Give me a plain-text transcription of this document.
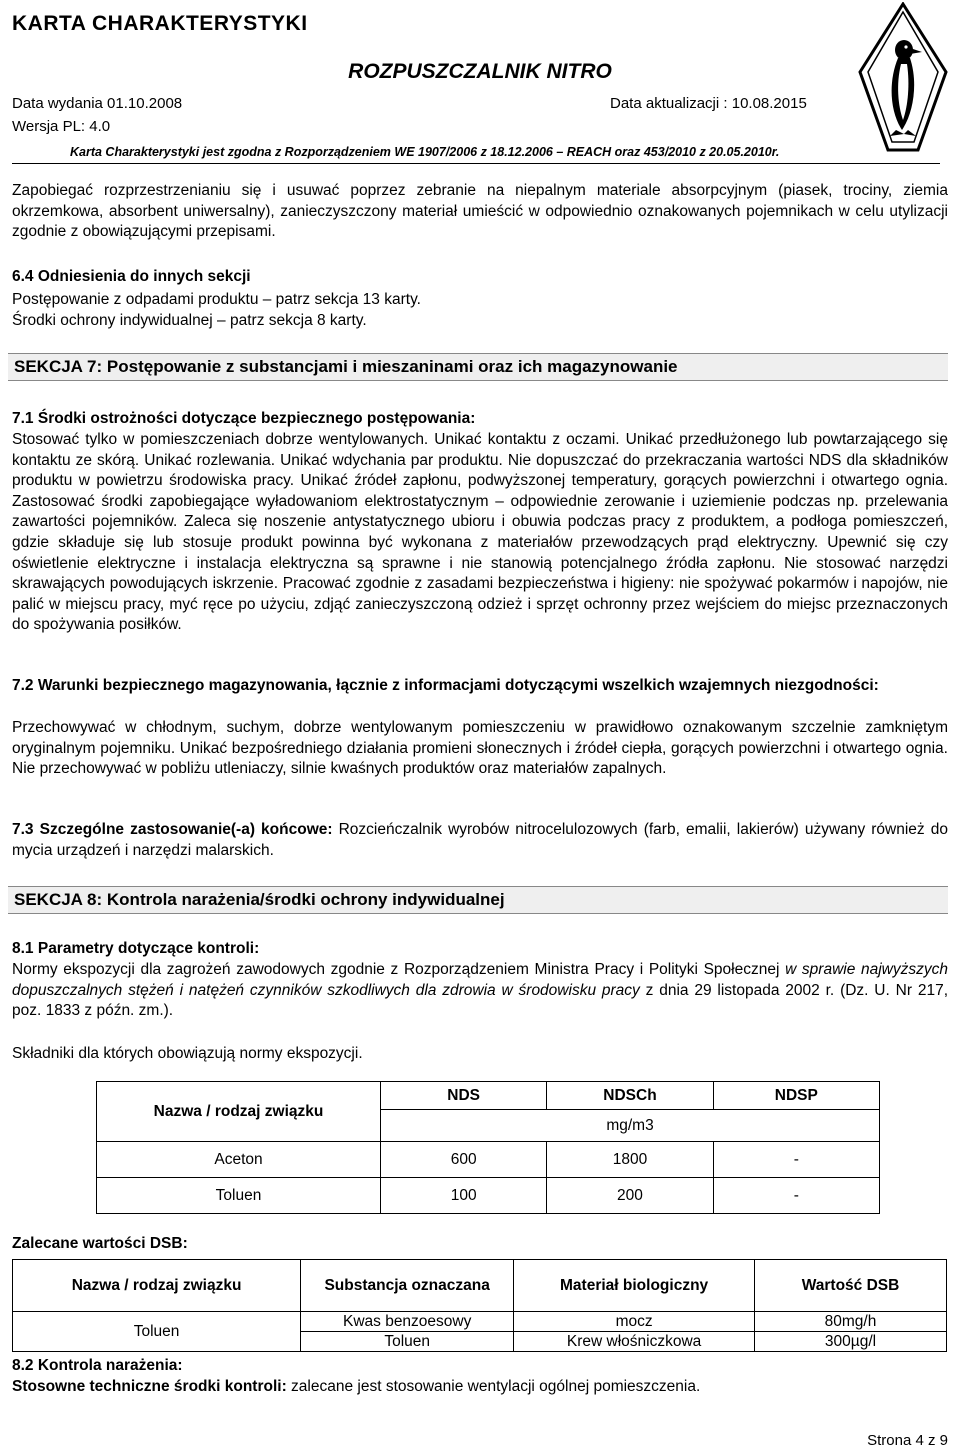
KARTA CHARAKTERYSTYKI
ROZPUSZCZALNIK NITRO
Data wydania 01.10.2008	Data aktualizacji : 10.08.2015
Wersja PL: 4.0
Karta Charakterystyki jest zgodna z Rozporządzeniem WE 1907/2006 z 18.12.2006 – REACH oraz 453/2010 z 20.05.2010r.
Zapobiegać rozprzestrzenianiu się i usuwać poprzez zebranie na niepalnym materiale absorpcyjnym (piasek, trociny, ziemia okrzemkowa, absorbent uniwersalny), zanieczyszczony materiał umieścić w odpowiednio oznakowanych pojemnikach w celu utylizacji zgodnie z obowiązującymi przepisami.
6.4 Odniesienia do innych sekcji
Postępowanie z odpadami produktu – patrz sekcja 13 karty.
Środki ochrony indywidualnej – patrz sekcja 8 karty.
SEKCJA 7: Postępowanie z substancjami i mieszaninami oraz ich magazynowanie
7.1 Środki ostrożności dotyczące bezpiecznego postępowania:
Stosować tylko w pomieszczeniach dobrze wentylowanych. Unikać kontaktu z oczami. Unikać przedłużonego lub powtarzającego się kontaktu ze skórą. Unikać rozlewania. Unikać wdychania par produktu. Nie dopuszczać do przekraczania wartości NDS dla składników produktu w powietrzu środowiska pracy. Unikać źródeł zapłonu, podwyższonej temperatury, gorących powierzchni i otwartego ognia. Zastosować środki zapobiegające wyładowaniom elektrostatycznym – odpowiednie zerowanie i uziemienie podczas np. przelewania zawartości pojemników. Zaleca się noszenie antystatycznego ubioru i obuwia podczas pracy z produktem, a podłoga pomieszczeń, gdzie składuje się lub stosuje produkt powinna być wykonana z materiałów przewodzących prąd elektryczny. Upewnić się czy oświetlenie elektryczne i instalacja elektryczna są sprawne i nie stanowią potencjalnego źródła zapłonu. Nie stosować narzędzi skrawających powodujących iskrzenie. Pracować zgodnie z zasadami bezpieczeństwa i higieny: nie spożywać pokarmów i napojów, nie palić w miejscu pracy, myć ręce po użyciu, zdjąć zanieczyszczoną odzież i sprzęt ochronny przez wejściem do miejsc przeznaczonych do spożywania posiłków.
7.2 Warunki bezpiecznego magazynowania, łącznie z informacjami dotyczącymi wszelkich wzajemnych niezgodności:
Przechowywać w chłodnym, suchym, dobrze wentylowanym pomieszczeniu w prawidłowo oznakowanym szczelnie zamkniętym oryginalnym pojemniku. Unikać bezpośredniego działania promieni słonecznych i źródeł ciepła, gorących powierzchni i otwartego ognia. Nie przechowywać w pobliżu utleniaczy, silnie kwaśnych produktów oraz materiałów zapalnych.
7.3 Szczególne zastosowanie(-a) końcowe: Rozcieńczalnik wyrobów nitrocelulozowych (farb, emalii, lakierów) używany również do mycia urządzeń i narzędzi malarskich.
SEKCJA 8: Kontrola narażenia/środki ochrony indywidualnej
8.1 Parametry dotyczące kontroli:
Normy ekspozycji dla zagrożeń zawodowych zgodnie z Rozporządzeniem Ministra Pracy i Polityki Społecznej w sprawie najwyższych dopuszczalnych stężeń i natężeń czynników szkodliwych dla zdrowia w środowisku pracy z dnia 29 listopada 2002 r. (Dz. U. Nr 217, poz. 1833 z późn. zm.).
Składniki dla których obowiązują normy ekspozycji.
Nazwa / rodzaj związku	NDS	NDSCh	NDSP
	mg/m3		
Aceton	600	1800	-
Toluen	100	200	-
Zalecane wartości DSB:
Nazwa / rodzaj związku	Substancja oznaczana	Materiał biologiczny	Wartość DSB
Toluen	Kwas benzoesowy	mocz	80mg/h
	Toluen	Krew włośniczkowa	300µg/l
8.2 Kontrola narażenia:
Stosowne techniczne środki kontroli: zalecane jest stosowanie wentylacji ogólnej pomieszczenia.
Strona 4 z 9
